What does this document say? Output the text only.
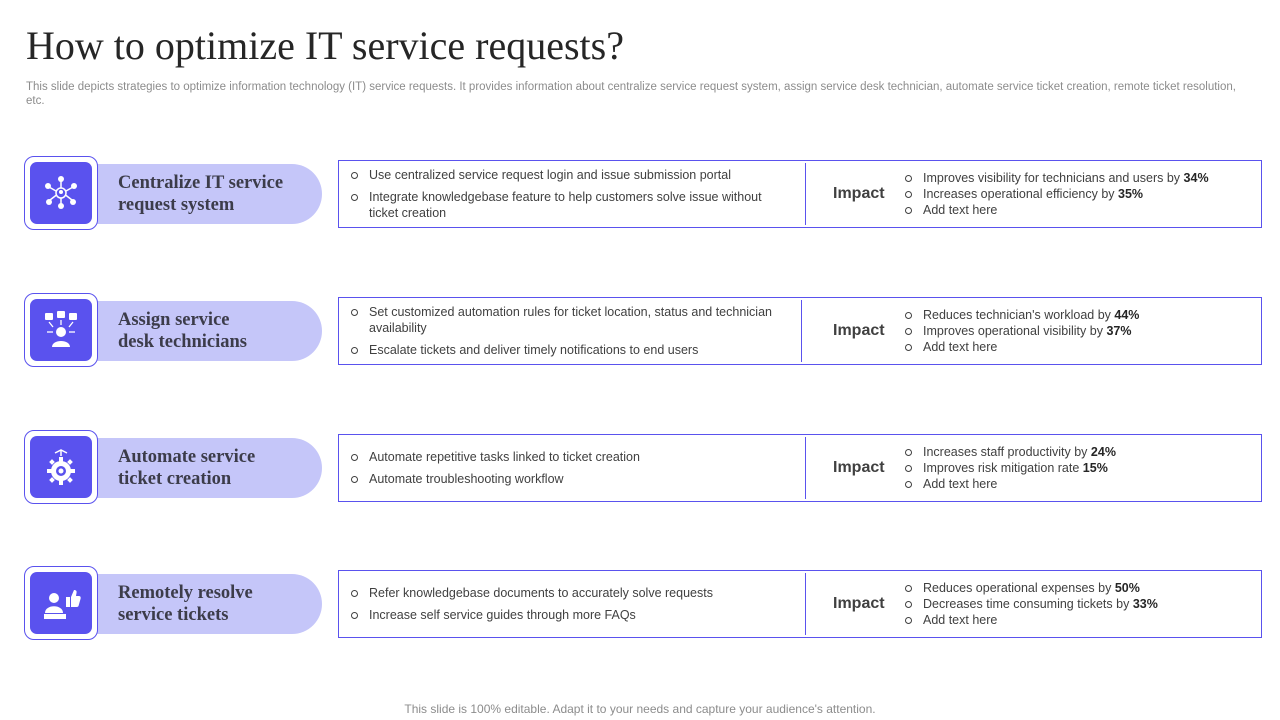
How to optimize IT service requests?

This slide depicts strategies to optimize information technology (IT) service requests. It provides information about centralize service request system, assign service desk technician, automate service ticket creation, remote ticket resolution, etc.

Centralize IT service
request system
Use centralized service request login and issue submission portal
Integrate knowledgebase feature to help customers solve issue without ticket creation
Impact
Improves visibility for technicians and users by 34%
Increases operational efficiency by 35%
Add text here
Assign service
desk technicians
Set customized automation rules for ticket location, status and technician availability
Escalate tickets and deliver timely notifications to end users
Impact
Reduces technician's workload by 44%
Improves operational visibility by 37%
Add text here
Automate service
ticket creation
Automate repetitive tasks linked to ticket creation
Automate troubleshooting workflow
Impact
Increases staff productivity by 24%
Improves risk mitigation rate 15%
Add text here
Remotely resolve
service tickets
Refer knowledgebase documents to accurately solve requests
Increase self service guides through more FAQs
Impact
Reduces operational expenses by 50%
Decreases time consuming tickets by 33%
Add text here
This slide is 100% editable. Adapt it to your needs and capture your audience's attention.
